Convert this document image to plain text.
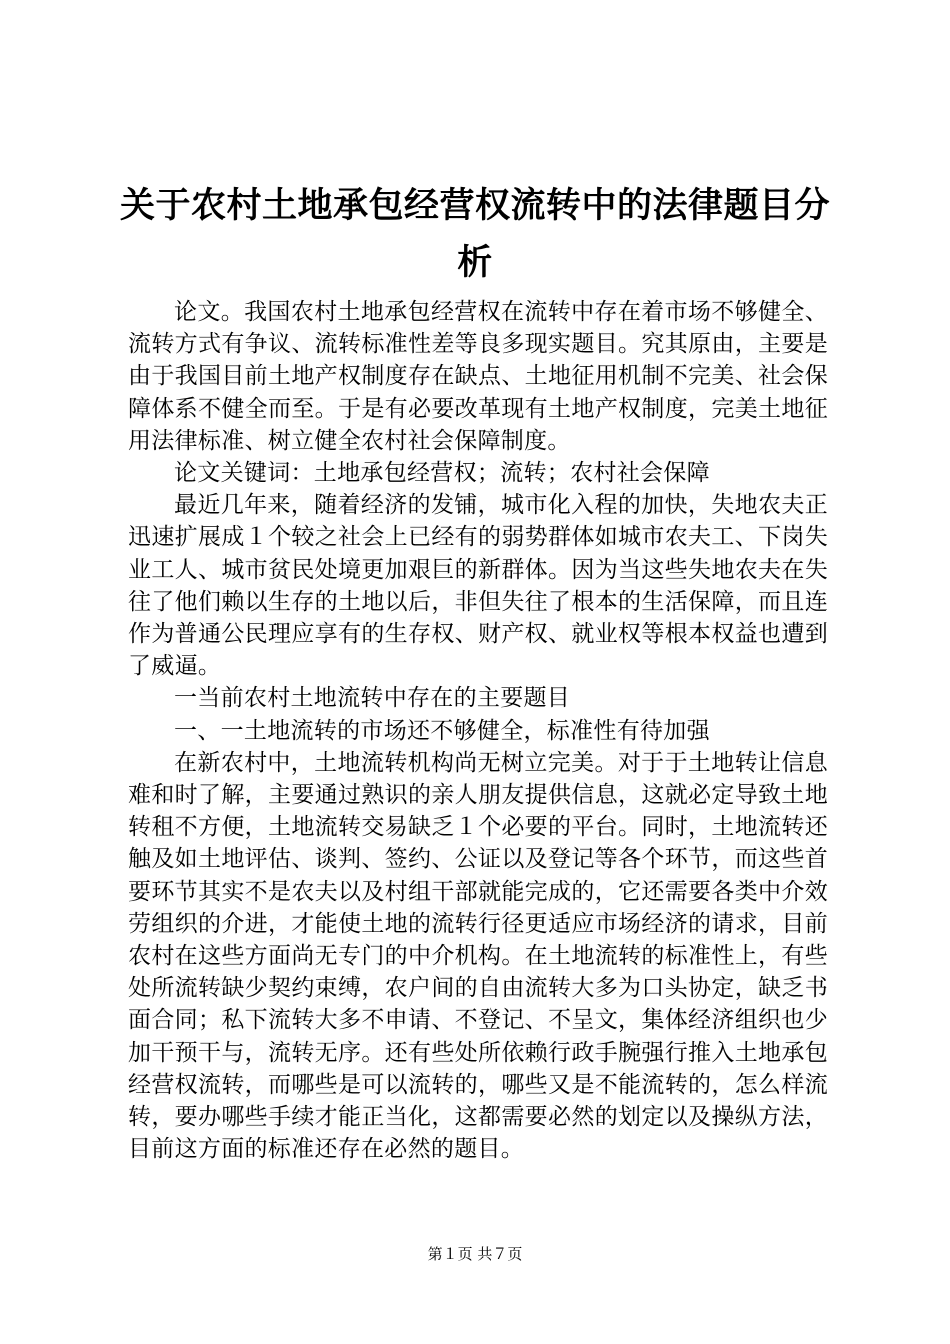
关于农村土地承包经营权流转中的法律题目分析

论文。我国农村土地承包经营权在流转中存在着市场不够健全、流转方式有争议、流转标准性差等良多现实题目。究其原由，主要是由于我国目前土地产权制度存在缺点、土地征用机制不完美、社会保障体系不健全而至。于是有必要改革现有土地产权制度，完美土地征用法律标准、树立健全农村社会保障制度。

论文关键词：土地承包经营权；流转；农村社会保障

最近几年来，随着经济的发铺，城市化入程的加快，失地农夫正迅速扩展成１个较之社会上已经有的弱势群体如城市农夫工、下岗失业工人、城市贫民处境更加艰巨的新群体。因为当这些失地农夫在失往了他们赖以生存的土地以后，非但失往了根本的生活保障，而且连作为普通公民理应享有的生存权、财产权、就业权等根本权益也遭到了威逼。

一当前农村土地流转中存在的主要题目

一、一土地流转的市场还不够健全，标准性有待加强

在新农村中，土地流转机构尚无树立完美。对于于土地转让信息难和时了解，主要通过熟识的亲人朋友提供信息，这就必定导致土地转租不方便，土地流转交易缺乏１个必要的平台。同时，土地流转还触及如土地评估、谈判、签约、公证以及登记等各个环节，而这些首要环节其实不是农夫以及村组干部就能完成的，它还需要各类中介效劳组织的介进，才能使土地的流转行径更适应市场经济的请求，目前农村在这些方面尚无专门的中介机构。在土地流转的标准性上，有些处所流转缺少契约束缚，农户间的自由流转大多为口头协定，缺乏书面合同；私下流转大多不申请、不登记、不呈文，集体经济组织也少加干预干与，流转无序。还有些处所依赖行政手腕强行推入土地承包经营权流转，而哪些是可以流转的，哪些又是不能流转的，怎么样流转，要办哪些手续才能正当化，这都需要必然的划定以及操纵方法，目前这方面的标准还存在必然的题目。

第１页 共７页
